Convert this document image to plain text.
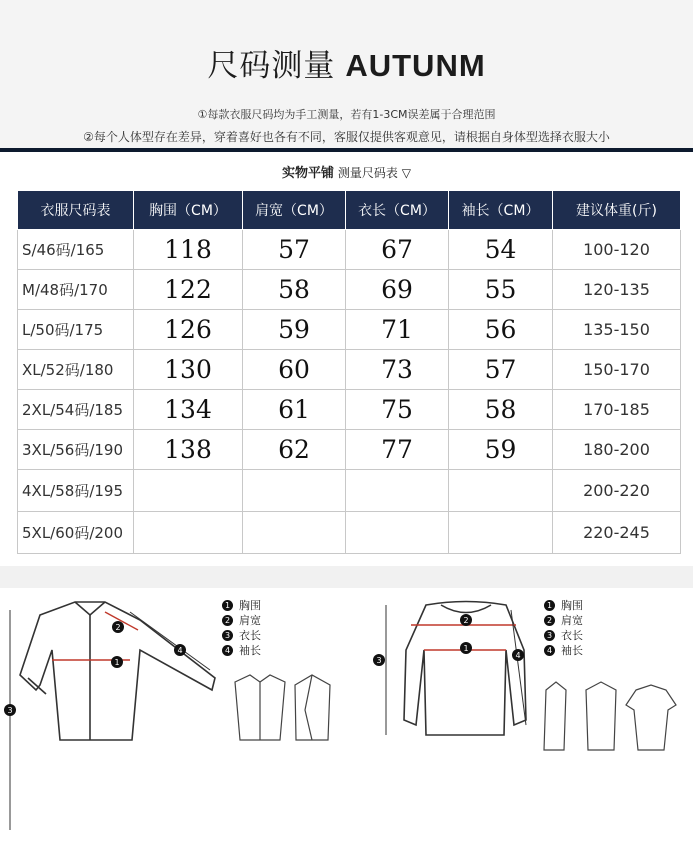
尺码测量 AUTUNM
①每款衣服尺码均为手工测量，若有1-3CM误差属于合理范围
②每个人体型存在差异，穿着喜好也各有不同，客服仅提供客观意见，请根据自身体型选择衣服大小
实物平铺 测量尺码表 ▽
衣服尺码表	胸围（CM）	肩宽（CM）	衣长（CM）	袖长（CM）	建议体重(斤)
S/46码/165	118	57	67	54	100-120
M/48码/170	122	58	69	55	120-135
L/50码/175	126	59	71	56	135-150
XL/52码/180	130	60	73	57	150-170
2XL/54码/185	134	61	75	58	170-185
3XL/56码/190	138	62	77	59	180-200
4XL/58码/195					200-220
5XL/60码/200					220-245
1
2
3
4
1 胸围
2 肩宽
3 衣长
4 袖长	1
2
3
4
1 胸围
2 肩宽
3 衣长
4 袖长
